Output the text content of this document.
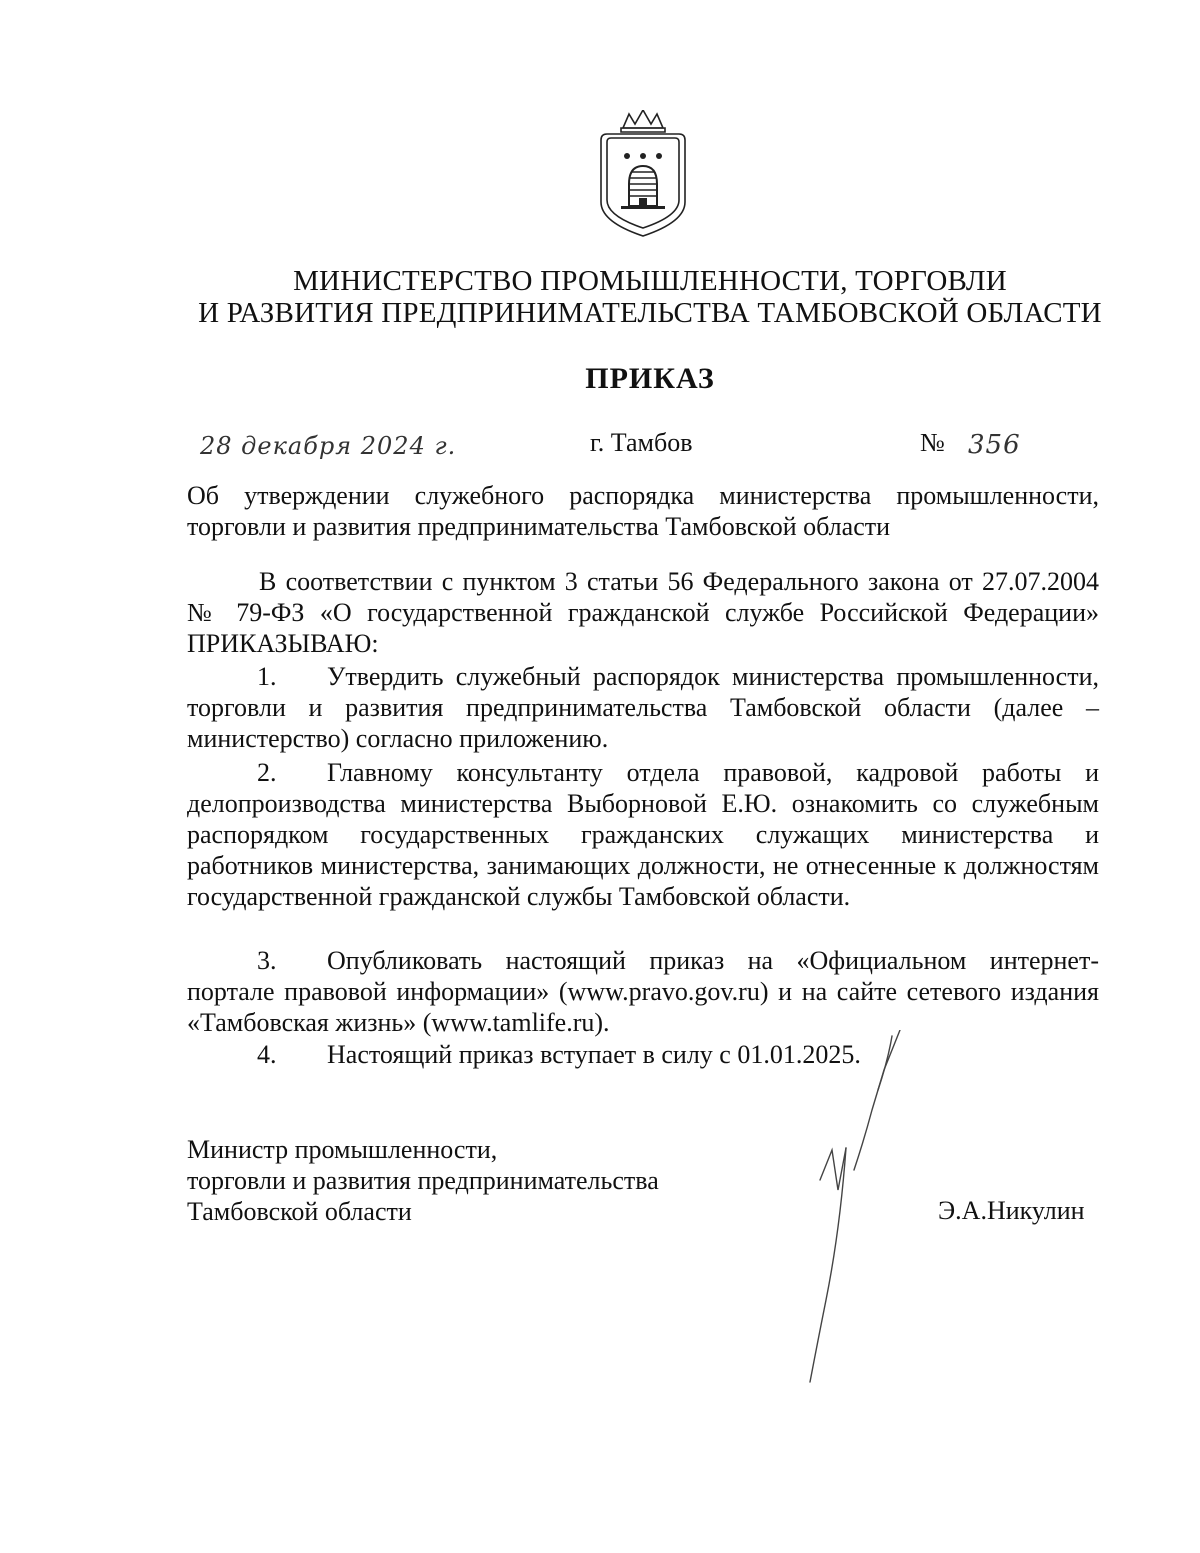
МИНИСТЕРСТВО ПРОМЫШЛЕННОСТИ, ТОРГОВЛИ
И РАЗВИТИЯ ПРЕДПРИНИМАТЕЛЬСТВА ТАМБОВСКОЙ ОБЛАСТИ
ПРИКАЗ
28 декабря 2024 г.	г. Тамбов	№ 356
Об утверждении служебного распорядка министерства промышленности, торговли и развития предпринимательства Тамбовской области
В соответствии с пунктом 3 статьи 56 Федерального закона от 27.07.2004 № 79-ФЗ «О государственной гражданской службе Российской Федерации» ПРИКАЗЫВАЮ:
1. Утвердить служебный распорядок министерства промышленности, торговли и развития предпринимательства Тамбовской области (далее –министерство) согласно приложению.
2. Главному консультанту отдела правовой, кадровой работы и делопроизводства министерства Выборновой Е.Ю. ознакомить со служебным распорядком государственных гражданских служащих министерства и работников министерства, занимающих должности, не отнесенные к должностям государственной гражданской службы Тамбовской области.
3. Опубликовать настоящий приказ на «Официальном интернет-портале правовой информации» (www.pravo.gov.ru) и на сайте сетевого издания «Тамбовская жизнь» (www.tamlife.ru).
4. Настоящий приказ вступает в силу с 01.01.2025.
Министр промышленности,
торговли и развития предпринимательства
Тамбовской области	Э.А.Никулин
